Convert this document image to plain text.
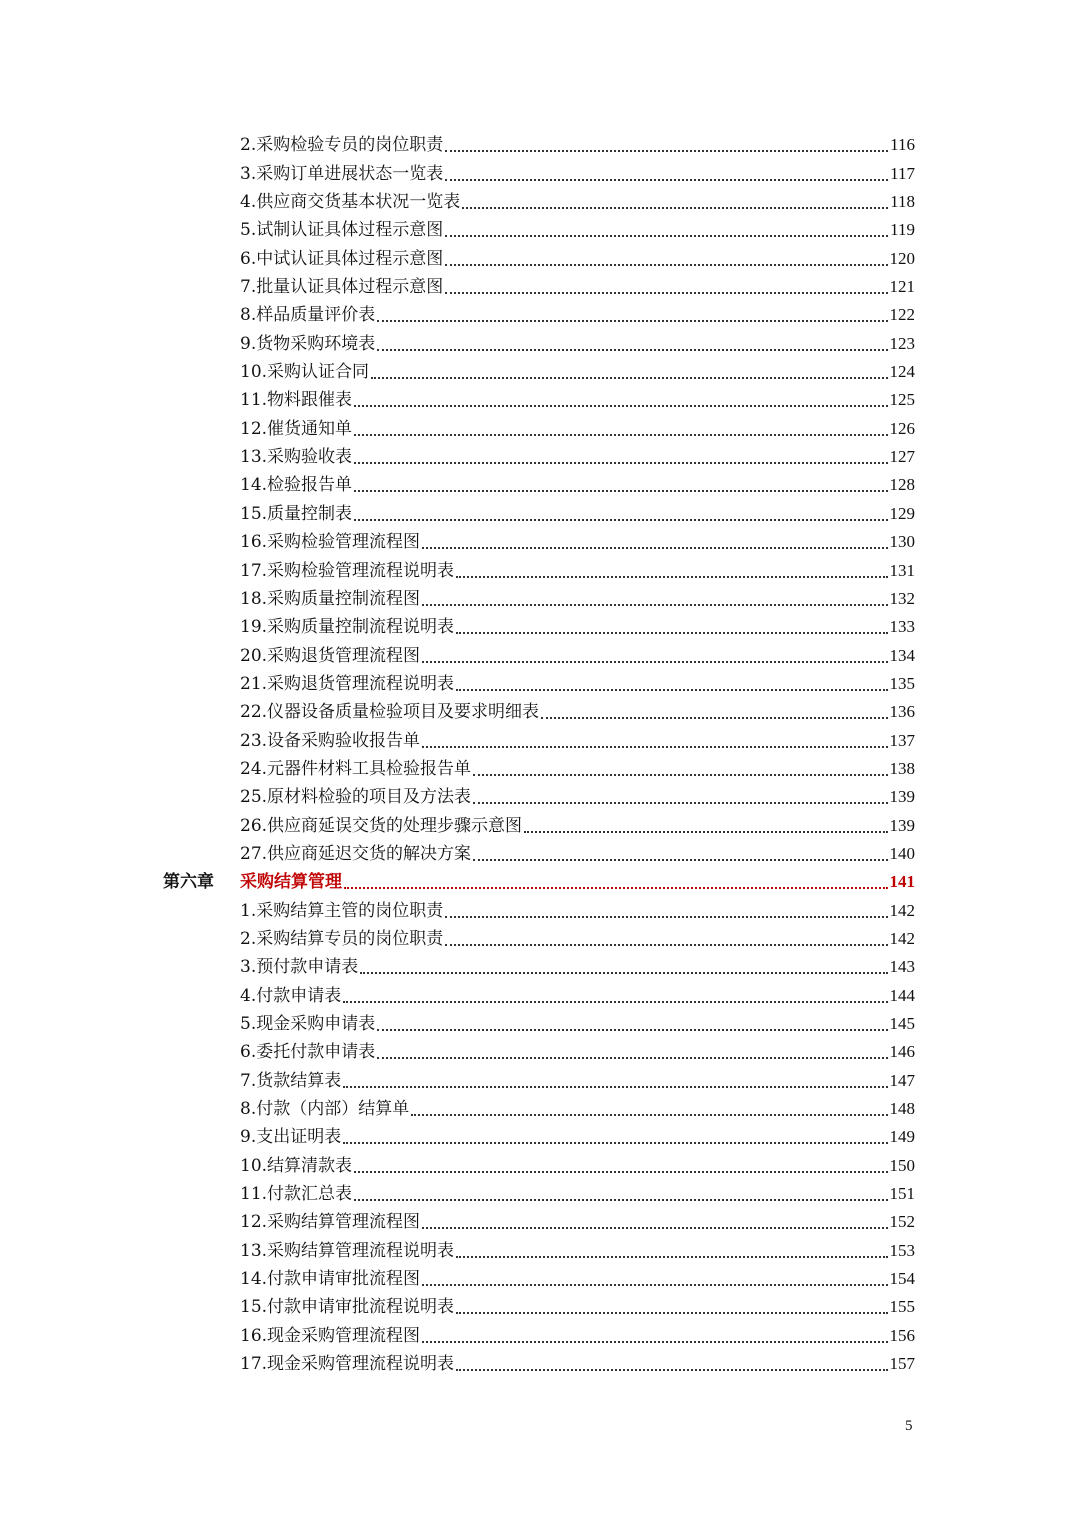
2.采购检验专员的岗位职责	116
3.采购订单进展状态一览表	117
4.供应商交货基本状况一览表	118
5.试制认证具体过程示意图	119
6.中试认证具体过程示意图	120
7.批量认证具体过程示意图	121
8.样品质量评价表	122
9.货物采购环境表	123
10.采购认证合同	124
11.物料跟催表	125
12.催货通知单	126
13.采购验收表	127
14.检验报告单	128
15.质量控制表	129
16.采购检验管理流程图	130
17.采购检验管理流程说明表	131
18.采购质量控制流程图	132
19.采购质量控制流程说明表	133
20.采购退货管理流程图	134
21.采购退货管理流程说明表	135
22.仪器设备质量检验项目及要求明细表	136
23.设备采购验收报告单	137
24.元器件材料工具检验报告单	138
25.原材料检验的项目及方法表	139
26.供应商延误交货的处理步骤示意图	139
27.供应商延迟交货的解决方案	140
第六章 采购结算管理	141
1.采购结算主管的岗位职责	142
2.采购结算专员的岗位职责	142
3.预付款申请表	143
4.付款申请表	144
5.现金采购申请表	145
6.委托付款申请表	146
7.货款结算表	147
8.付款（内部）结算单	148
9.支出证明表	149
10.结算清款表	150
11.付款汇总表	151
12.采购结算管理流程图	152
13.采购结算管理流程说明表	153
14.付款申请审批流程图	154
15.付款申请审批流程说明表	155
16.现金采购管理流程图	156
17.现金采购管理流程说明表	157
5
